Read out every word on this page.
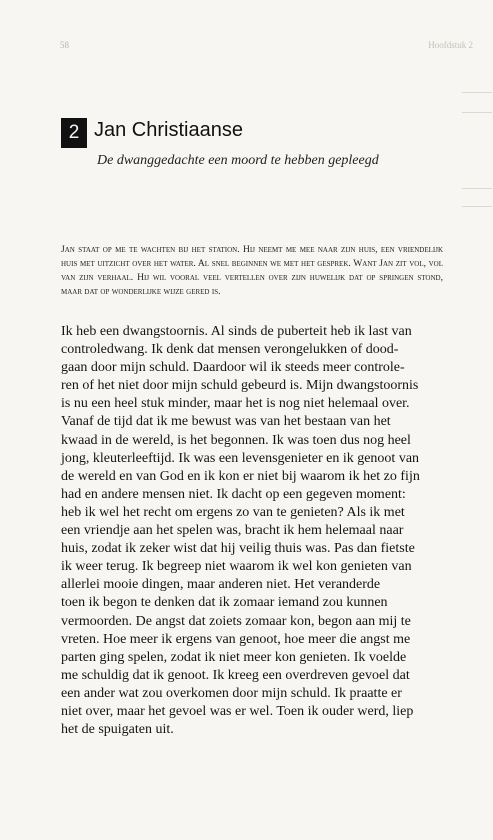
58	Hoofdstuk 2
2 Jan Christiaanse
De dwanggedachte een moord te hebben gepleegd
Jan staat op me te wachten bij het station. Hij neemt me mee naar zijn huis, een vriendelijk huis met uitzicht over het water. Al snel beginnen we met het gesprek. Want Jan zit vol, vol van zijn verhaal. Hij wil vooral veel vertellen over zijn huwelijk dat op springen stond, maar dat op wonderlijke wijze gered is.
Ik heb een dwangstoornis. Al sinds de puberteit heb ik last van
controledwang. Ik denk dat mensen verongelukken of dood-
gaan door mijn schuld. Daardoor wil ik steeds meer controle-
ren of het niet door mijn schuld gebeurd is. Mijn dwangstoornis
is nu een heel stuk minder, maar het is nog niet helemaal over.
Vanaf de tijd dat ik me bewust was van het bestaan van het
kwaad in de wereld, is het begonnen. Ik was toen dus nog heel
jong, kleuterleeftijd. Ik was een levensgenieter en ik genoot van
de wereld en van God en ik kon er niet bij waarom ik het zo fijn
had en andere mensen niet. Ik dacht op een gegeven moment:
heb ik wel het recht om ergens zo van te genieten? Als ik met
een vriendje aan het spelen was, bracht ik hem helemaal naar
huis, zodat ik zeker wist dat hij veilig thuis was. Pas dan fietste
ik weer terug. Ik begreep niet waarom ik wel kon genieten van
allerlei mooie dingen, maar anderen niet. Het veranderde
toen ik begon te denken dat ik zomaar iemand zou kunnen
vermoorden. De angst dat zoiets zomaar kon, begon aan mij te
vreten. Hoe meer ik ergens van genoot, hoe meer die angst me
parten ging spelen, zodat ik niet meer kon genieten. Ik voelde
me schuldig dat ik genoot. Ik kreeg een overdreven gevoel dat
een ander wat zou overkomen door mijn schuld. Ik praatte er
niet over, maar het gevoel was er wel. Toen ik ouder werd, liep
het de spuigaten uit.
